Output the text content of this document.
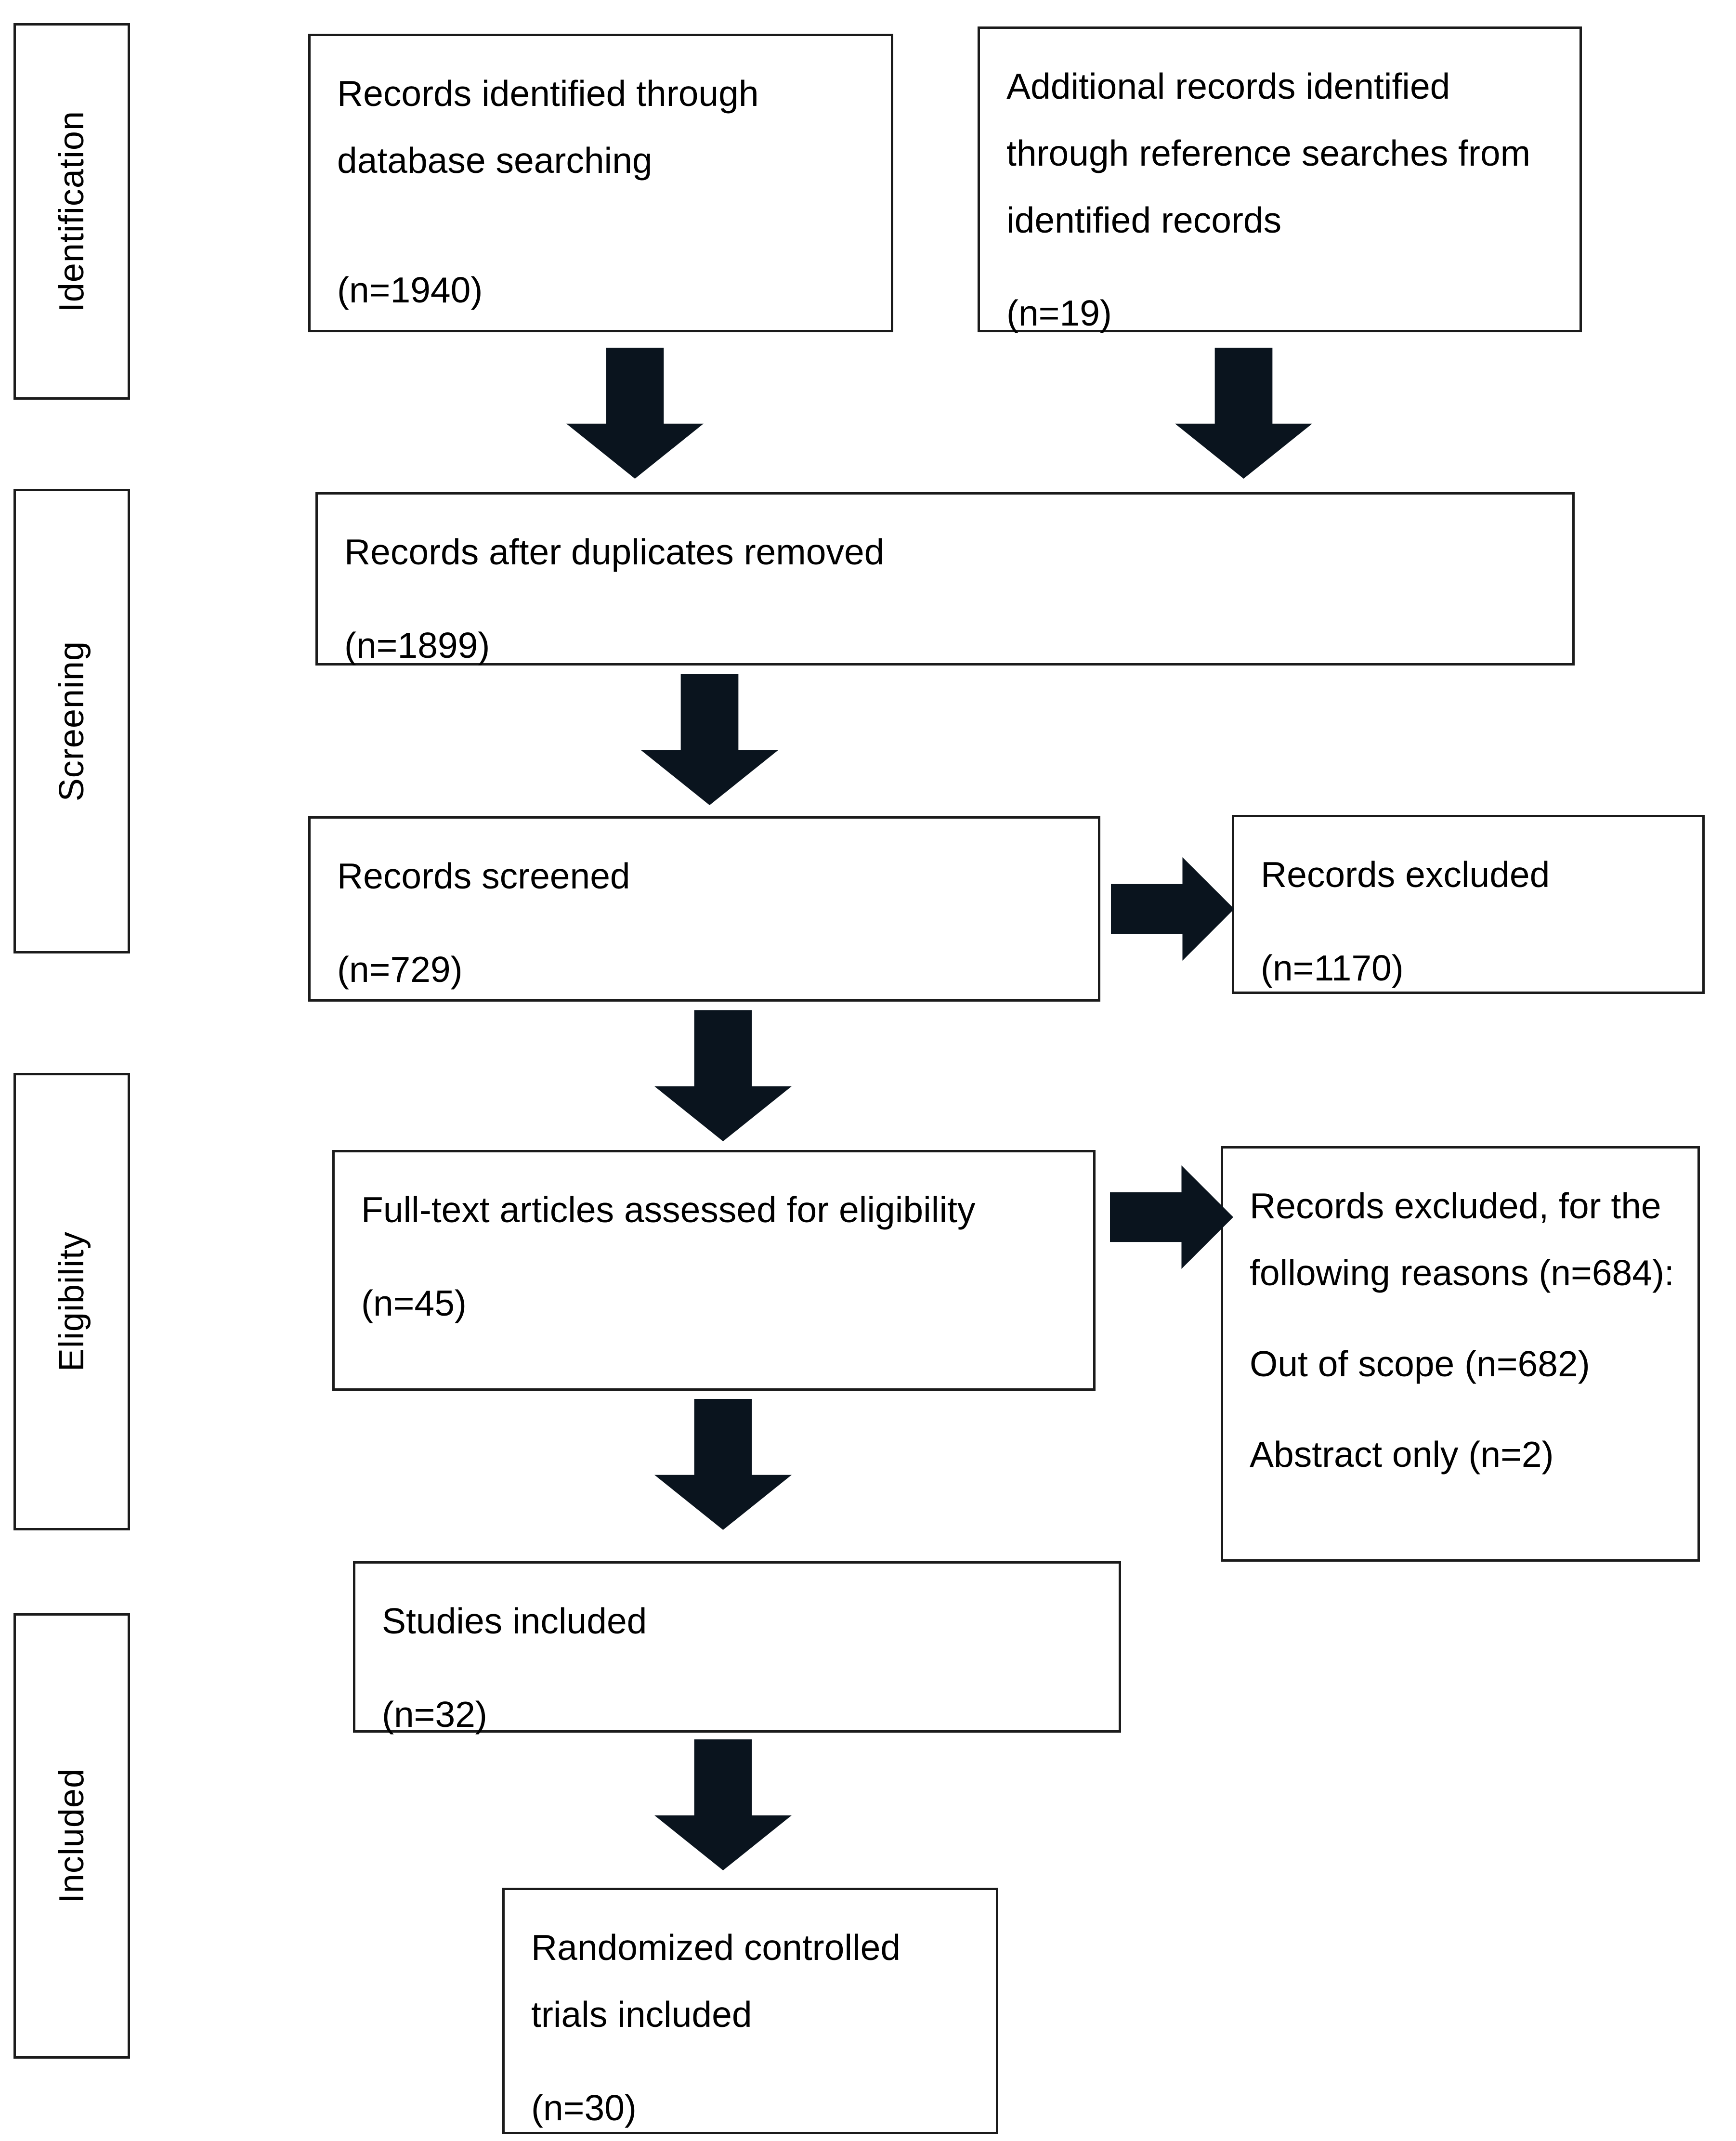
Identification
Screening
Eligibility
Included
Records identified through database searching
(n=1940)
Additional records identified through reference searches from identified records
(n=19)
Records after duplicates removed
(n=1899)
Records screened
(n=729)
Records excluded
(n=1170)
Full-text articles assessed for eligibility
(n=45)
Records excluded, for the following reasons (n=684):
Out of scope (n=682)
Abstract only (n=2)
Studies included
(n=32)
Randomized controlled trials included
(n=30)
